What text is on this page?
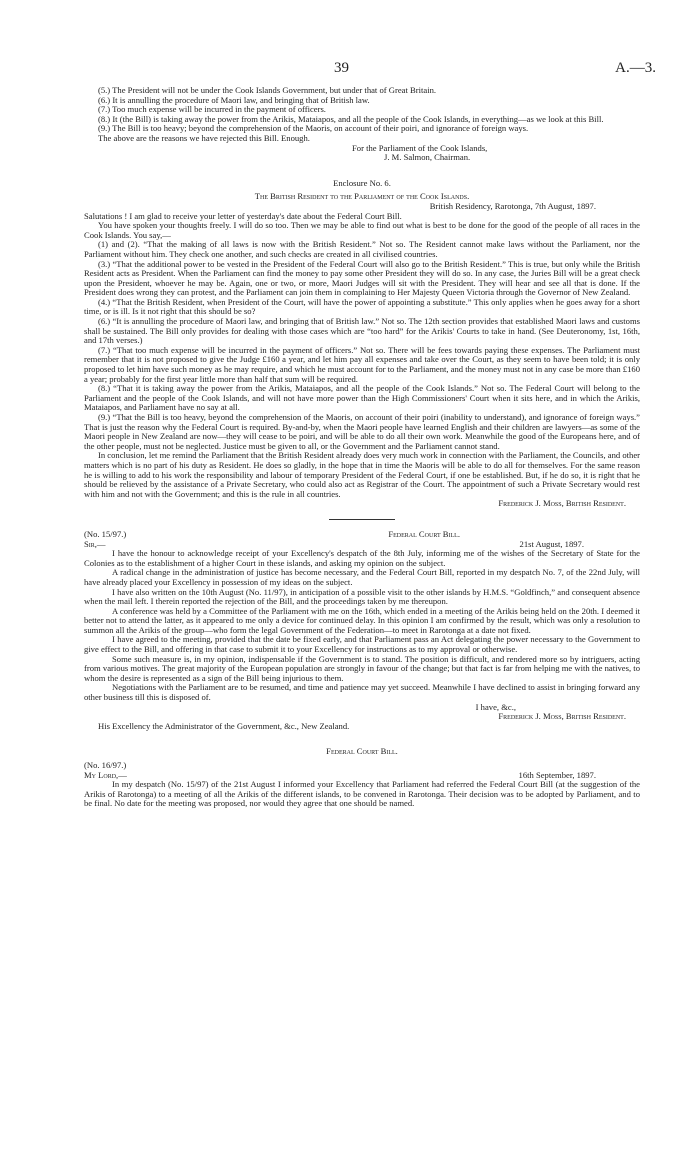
39	A.—3.

(5.) The President will not be under the Cook Islands Government, but under that of Great Britain.

(6.) It is annulling the procedure of Maori law, and bringing that of British law.

(7.) Too much expense will be incurred in the payment of officers.

(8.) It (the Bill) is taking away the power from the Arikis, Mataiapos, and all the people of the Cook Islands, in everything—as we look at this Bill.

(9.) The Bill is too heavy; beyond the comprehension of the Maoris, on account of their poiri, and ignorance of foreign ways.

The above are the reasons we have rejected this Bill. Enough.

For the Parliament of the Cook Islands,

J. M. Salmon, Chairman.

Enclosure No. 6.

The British Resident to the Parliament of the Cook Islands.

British Residency, Rarotonga, 7th August, 1897.

Salutations ! I am glad to receive your letter of yesterday's date about the Federal Court Bill.

You have spoken your thoughts freely. I will do so too. Then we may be able to find out what is best to be done for the good of the people of all races in the Cook Islands. You say,—

(1) and (2). “That the making of all laws is now with the British Resident.” Not so. The Resident cannot make laws without the Parliament, nor the Parliament without him. They check one another, and such checks are created in all civilised countries.

(3.) “That the additional power to be vested in the President of the Federal Court will also go to the British Resident.” This is true, but only while the British Resident acts as President. When the Parliament can find the money to pay some other President they will do so. In any case, the Juries Bill will be a great check upon the President, whoever he may be. Again, one or two, or more, Maori Judges will sit with the President. They will hear and see all that is done. If the President does wrong they can protest, and the Parliament can join them in complaining to Her Majesty Queen Victoria through the Governor of New Zealand.

(4.) “That the British Resident, when President of the Court, will have the power of appointing a substitute.” This only applies when he goes away for a short time, or is ill. Is it not right that this should be so?

(6.) “It is annulling the procedure of Maori law, and bringing that of British law.” Not so. The 12th section provides that established Maori laws and customs shall be sustained. The Bill only provides for dealing with those cases which are “too hard” for the Arikis' Courts to take in hand. (See Deuteronomy, 1st, 16th, and 17th verses.)

(7.) “That too much expense will be incurred in the payment of officers.” Not so. There will be fees towards paying these expenses. The Parliament must remember that it is not proposed to give the Judge £160 a year, and let him pay all expenses and take over the Court, as they seem to have been told; it is only proposed to let him have such money as he may require, and which he must account for to the Parliament, and the money must not in any case be more than £160 a year; probably for the first year little more than half that sum will be required.

(8.) “That it is taking away the power from the Arikis, Mataiapos, and all the people of the Cook Islands.” Not so. The Federal Court will belong to the Parliament and the people of the Cook Islands, and will not have more power than the High Commissioners' Court when it sits here, and in which the Arikis, Mataiapos, and Parliament have no say at all.

(9.) “That the Bill is too heavy, beyond the comprehension of the Maoris, on account of their poiri (inability to understand), and ignorance of foreign ways.” That is just the reason why the Federal Court is required. By-and-by, when the Maori people have learned English and their children are lawyers—as some of the Maori people in New Zealand are now—they will cease to be poiri, and will be able to do all their own work. Meanwhile the good of the Europeans here, and of the other people, must not be neglected. Justice must be given to all, or the Government and the Parliament cannot stand.

In conclusion, let me remind the Parliament that the British Resident already does very much work in connection with the Parliament, the Councils, and other matters which is no part of his duty as Resident. He does so gladly, in the hope that in time the Maoris will be able to do all for themselves. For the same reason he is willing to add to his work the responsibility and labour of temporary President of the Federal Court, if one be established. But, if he do so, it is right that he should be relieved by the assistance of a Private Secretary, who could also act as Registrar of the Court. The appointment of such a Private Secretary would rest with him and not with the Government; and this is the rule in all countries.

Frederick J. Moss, British Resident.

(No. 15/97.)	Federal Court Bill.
Sir,—	21st August, 1897.

I have the honour to acknowledge receipt of your Excellency's despatch of the 8th July, informing me of the wishes of the Secretary of State for the Colonies as to the establishment of a higher Court in these islands, and asking my opinion on the subject.

A radical change in the administration of justice has become necessary, and the Federal Court Bill, reported in my despatch No. 7, of the 22nd July, will have already placed your Excellency in possession of my ideas on the subject.

I have also written on the 10th August (No. 11/97), in anticipation of a possible visit to the other islands by H.M.S. “Goldfinch,” and consequent absence when the mail left. I therein reported the rejection of the Bill, and the proceedings taken by me thereupon.

A conference was held by a Committee of the Parliament with me on the 16th, which ended in a meeting of the Arikis being held on the 20th. I deemed it better not to attend the latter, as it appeared to me only a device for continued delay. In this opinion I am confirmed by the result, which was only a resolution to summon all the Arikis of the group—who form the legal Government of the Federation—to meet in Rarotonga at a date not fixed.

I have agreed to the meeting, provided that the date be fixed early, and that Parliament pass an Act delegating the power necessary to the Government to give effect to the Bill, and offering in that case to submit it to your Excellency for instructions as to my approval or otherwise.

Some such measure is, in my opinion, indispensable if the Government is to stand. The position is difficult, and rendered more so by intriguers, acting from various motives. The great majority of the European population are strongly in favour of the change; but that fact is far from helping me with the natives, to whom the desire is represented as a sign of the Bill being injurious to them.

Negotiations with the Parliament are to be resumed, and time and patience may yet succeed. Meanwhile I have declined to assist in bringing forward any other business till this is disposed of.

I have, &c.,

Frederick J. Moss, British Resident.

His Excellency the Administrator of the Government, &c., New Zealand.

Federal Court Bill.

(No. 16/97.)

My Lord,—	16th September, 1897.

In my despatch (No. 15/97) of the 21st August I informed your Excellency that Parliament had referred the Federal Court Bill (at the suggestion of the Arikis of Rarotonga) to a meeting of all the Arikis of the different islands, to be convened in Rarotonga. Their decision was to be adopted by Parliament, and to be final. No date for the meeting was proposed, nor would they agree that one should be named.
